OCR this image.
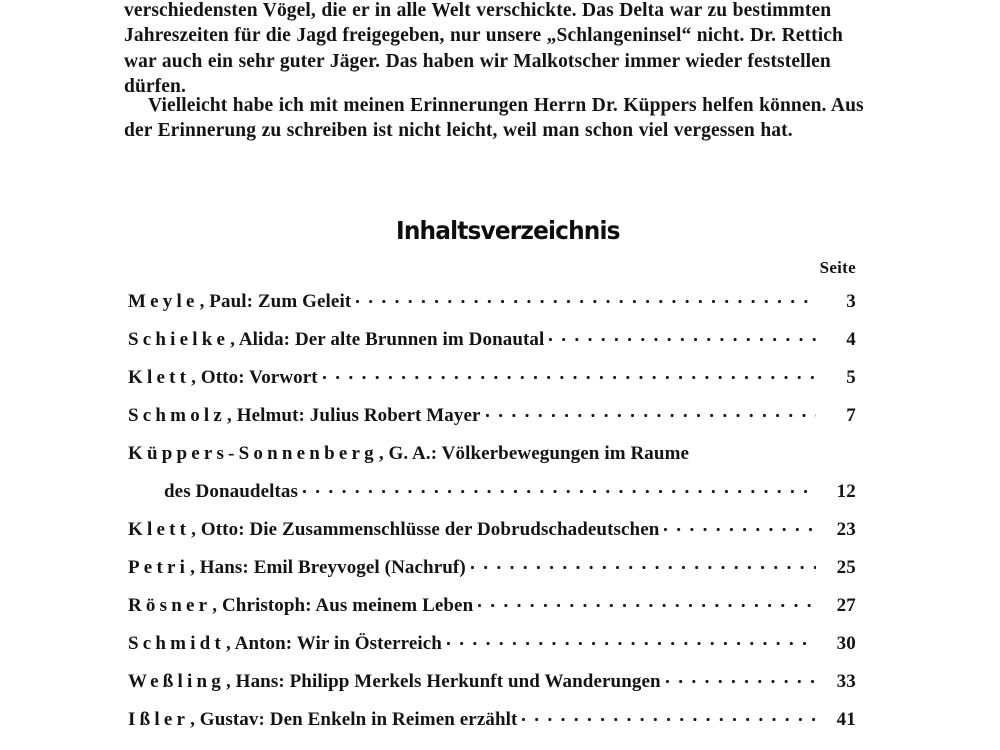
verschiedensten Vögel, die er in alle Welt verschickte. Das Delta war zu bestimmten Jahreszeiten für die Jagd freigegeben, nur unsere „Schlangeninsel“ nicht. Dr. Rettich war auch ein sehr guter Jäger. Das haben wir Malkotscher immer wieder feststellen dürfen.

Vielleicht habe ich mit meinen Erinnerungen Herrn Dr. Küppers helfen können. Aus der Erinnerung zu schreiben ist nicht leicht, weil man schon viel vergessen hat.

Inhaltsverzeichnis
Seite
Meyle , Paul: Zum Geleit	3
Schielke , Alida: Der alte Brunnen im Donautal	4
Klett , Otto: Vorwort	5
Schmolz , Helmut: Julius Robert Mayer	7
Küppers-Sonnenberg , G. A.: Völkerbewegungen im Raume
des Donaudeltas	12
Klett , Otto: Die Zusammenschlüsse der Dobrudschadeutschen	23
Petri , Hans: Emil Breyvogel (Nachruf)	25
Rösner , Christoph: Aus meinem Leben	27
Schmidt , Anton: Wir in Österreich	30
Weßling , Hans: Philipp Merkels Herkunft und Wanderungen	33
Ißler , Gustav: Den Enkeln in Reimen erzählt	41
